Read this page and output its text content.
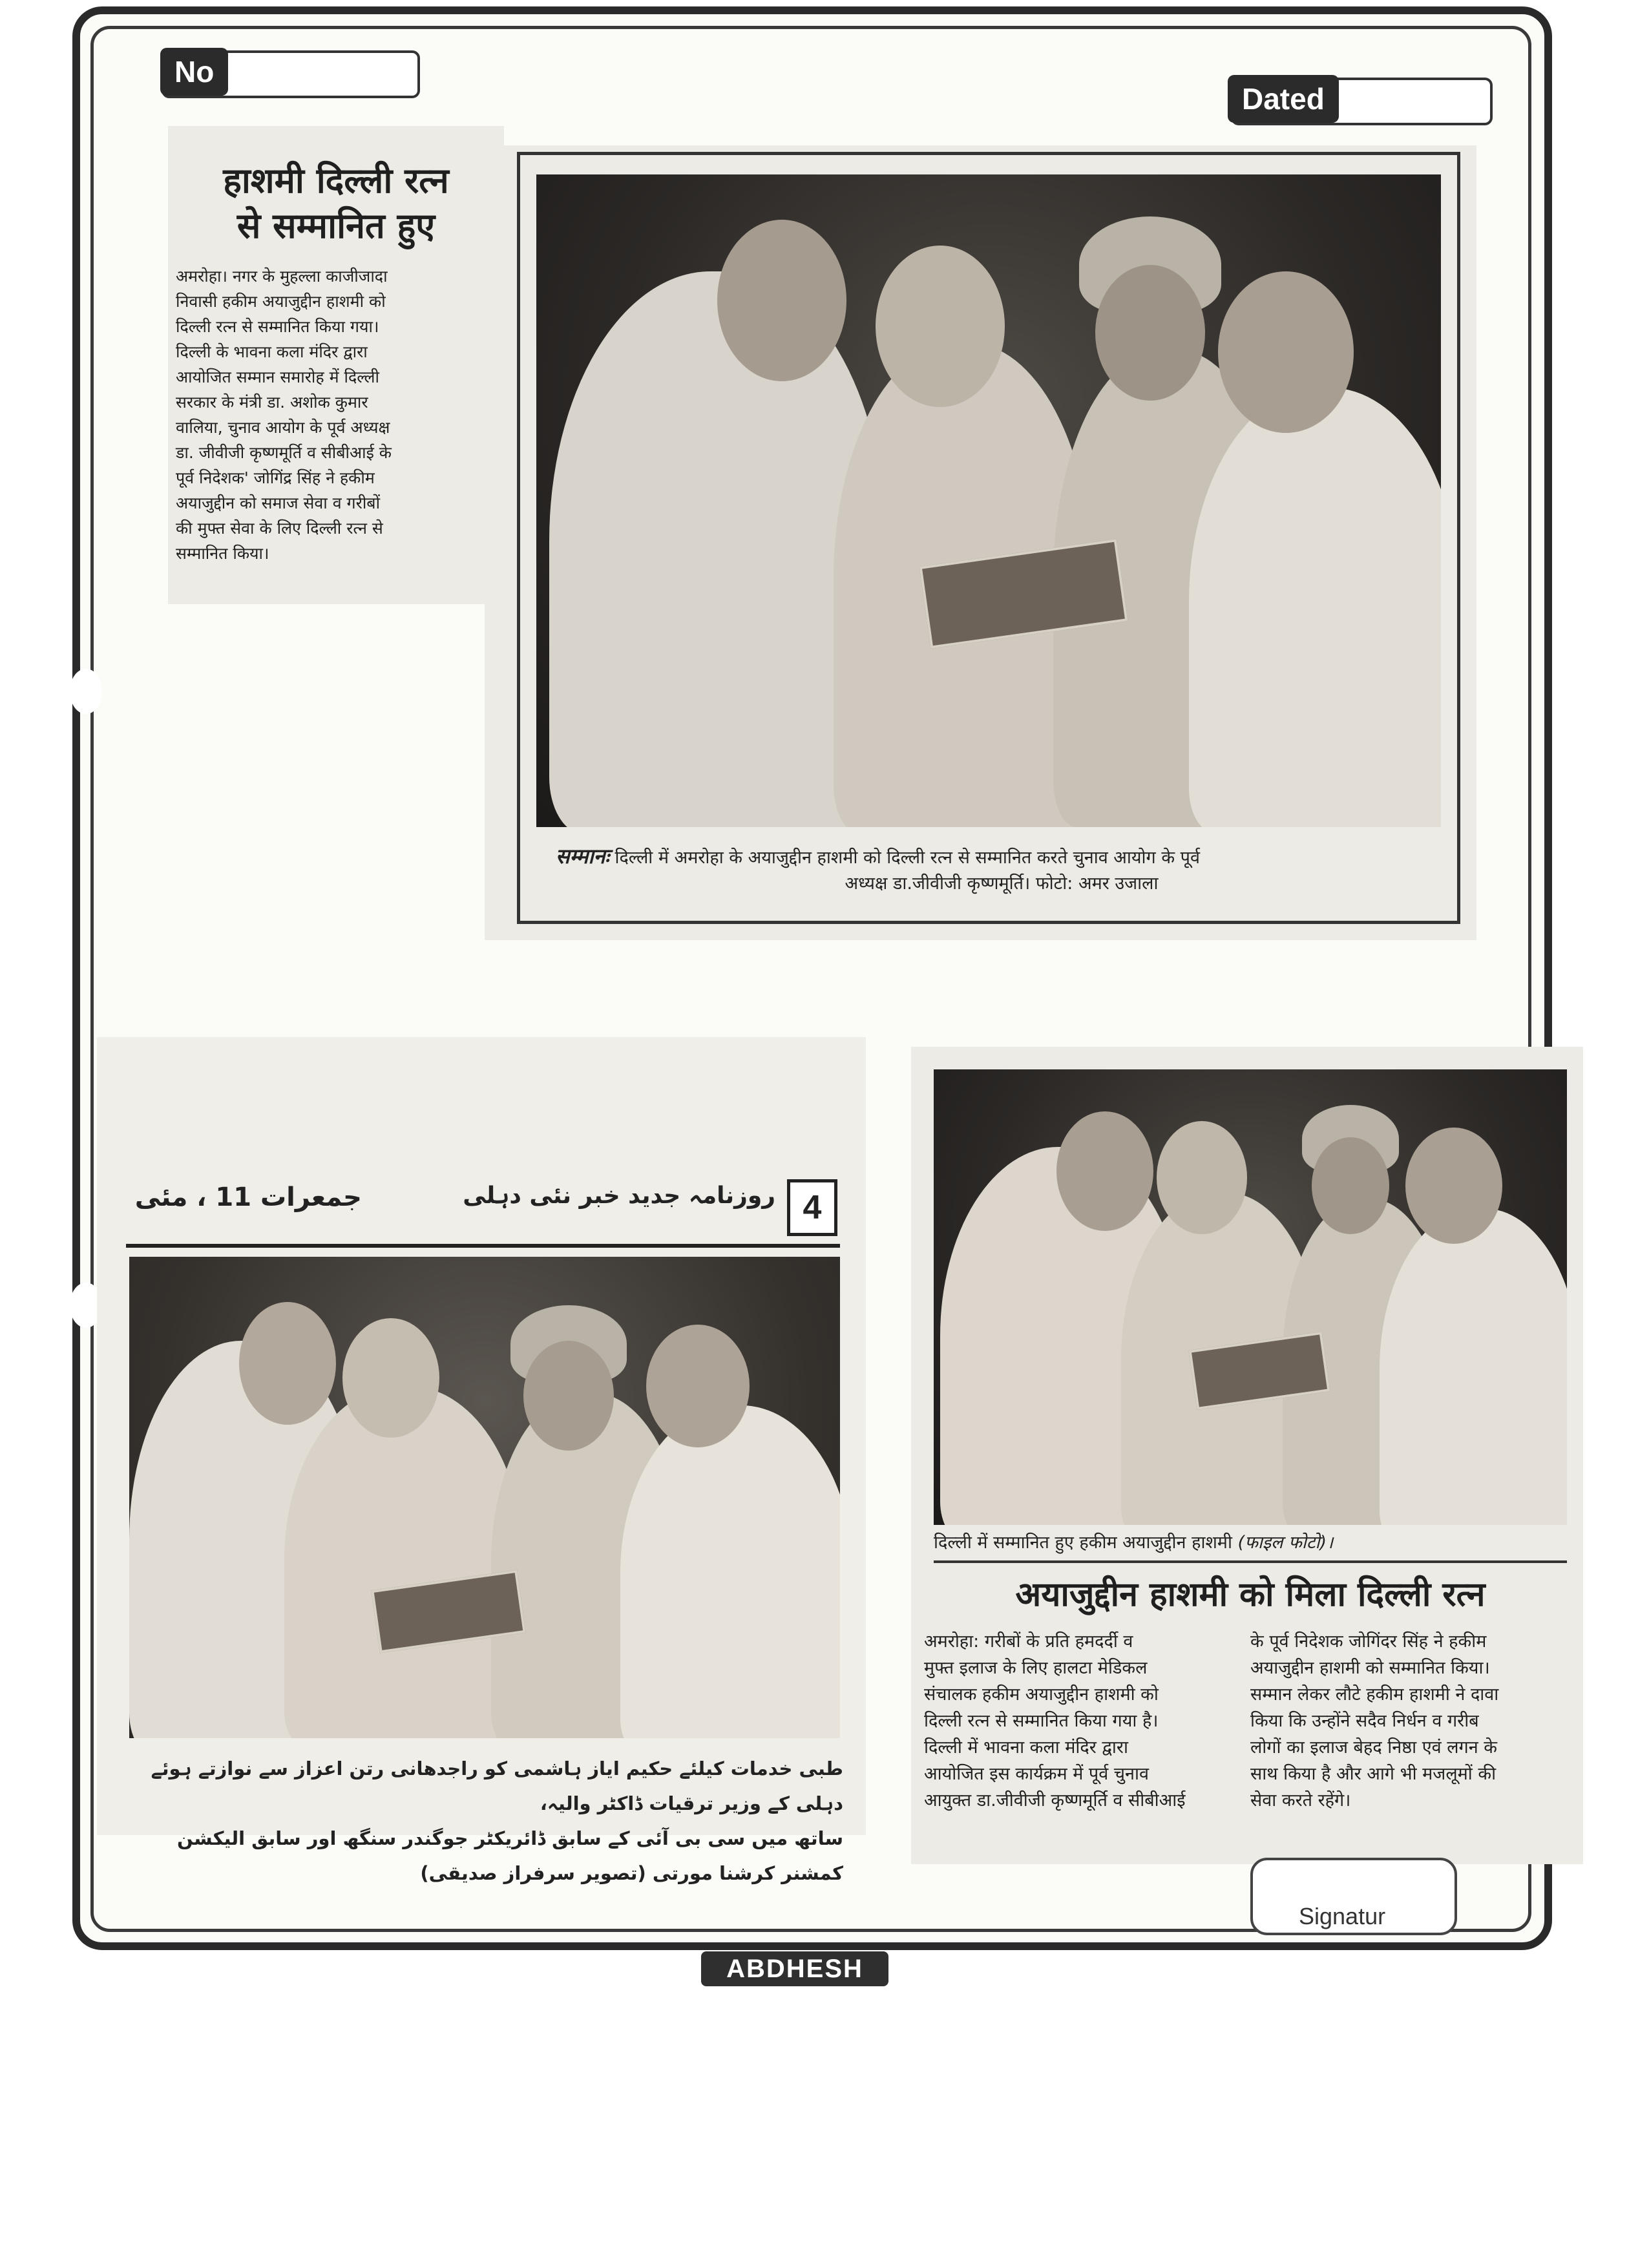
No
Dated
हाशमी दिल्ली रत्न
से सम्मानित हुए
अमरोहा। नगर के मुहल्ला काजीजादा
निवासी हकीम अयाजुद्दीन हाशमी को
दिल्ली रत्न से सम्मानित किया गया।
दिल्ली के भावना कला मंदिर द्वारा
आयोजित सम्मान समारोह में दिल्ली
सरकार के मंत्री डा. अशोक कुमार
वालिया, चुनाव आयोग के पूर्व अध्यक्ष
डा. जीवीजी कृष्णमूर्ति व सीबीआई के
पूर्व निदेशक' जोगिंद्र सिंह ने हकीम
अयाजुद्दीन को समाज सेवा व गरीबों
की मुफ्त सेवा के लिए दिल्ली रत्न से
सम्मानित किया।
सम्मानः दिल्ली में अमरोहा के अयाजुद्दीन हाशमी को दिल्ली रत्न से सम्मानित करते चुनाव आयोग के पूर्व
अध्यक्ष डा.जीवीजी कृष्णमूर्ति। फोटो: अमर उजाला
4
روزنامہ جدید خبر نئی دہلی
جمعرات 11 ، مئی
طبی خدمات کیلئے حکیم ایاز ہاشمی کو راجدھانی رتن اعزاز سے نوازتے ہوئے دہلی کے وزیر ترقیات ڈاکٹر والیہ،
ساتھ میں سی بی آئی کے سابق ڈائریکٹر جوگندر سنگھ اور سابق الیکشن کمشنر کرشنا مورتی (تصویر سرفراز صدیقی)
दिल्ली में सम्मानित हुए हकीम अयाजुद्दीन हाशमी (फाइल फोटो)।
अयाजुद्दीन हाशमी को मिला दिल्ली रत्न
अमरोहा: गरीबों के प्रति हमदर्दी व
मुफ्त इलाज के लिए हालटा मेडिकल
संचालक हकीम अयाजुद्दीन हाशमी को
दिल्ली रत्न से सम्मानित किया गया है।
दिल्ली में भावना कला मंदिर द्वारा
आयोजित इस कार्यक्रम में पूर्व चुनाव
आयुक्त डा.जीवीजी कृष्णमूर्ति व सीबीआई
के पूर्व निदेशक जोगिंदर सिंह ने हकीम
अयाजुद्दीन हाशमी को सम्मानित किया।
सम्मान लेकर लौटे हकीम हाशमी ने दावा
किया कि उन्होंने सदैव निर्धन व गरीब
लोगों का इलाज बेहद निष्ठा एवं लगन के
साथ किया है और आगे भी मजलूमों की
सेवा करते रहेंगे।
Signatur
ABDHESH
